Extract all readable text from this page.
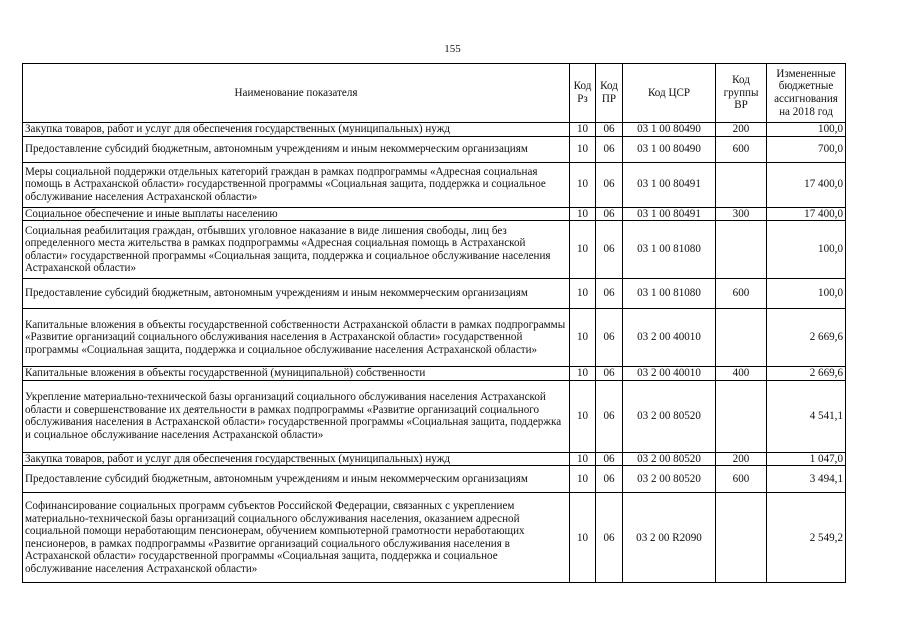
155
Наименование показателя	Код Рз	Код ПР	Код ЦСР	Код группы ВР	Измененные бюджетные ассигнования на 2018 год
Закупка товаров, работ и услуг для обеспечения государственных (муниципальных) нужд	10	06	03 1 00 80490	200	100,0
Предоставление субсидий бюджетным, автономным учреждениям и иным некоммерческим организациям	10	06	03 1 00 80490	600	700,0
Меры социальной поддержки отдельных категорий граждан в рамках подпрограммы «Адресная социальная помощь в Астраханской области» государственной программы «Социальная защита, поддержка и социальное обслуживание населения Астраханской области»	10	06	03 1 00 80491		17 400,0
Социальное обеспечение и иные выплаты населению	10	06	03 1 00 80491	300	17 400,0
Социальная реабилитация граждан, отбывших уголовное наказание в виде лишения свободы, лиц без определенного места жительства в рамках подпрограммы «Адресная социальная помощь в Астраханской области» государственной программы «Социальная защита, поддержка и социальное обслуживание населения Астраханской области»	10	06	03 1 00 81080		100,0
Предоставление субсидий бюджетным, автономным учреждениям и иным некоммерческим организациям	10	06	03 1 00 81080	600	100,0
Капитальные вложения в объекты государственной собственности Астраханской области в рамках подпрограммы «Развитие организаций социального обслуживания населения в Астраханской области» государственной программы «Социальная защита, поддержка и социальное обслуживание населения Астраханской области»	10	06	03 2 00 40010		2 669,6
Капитальные вложения в объекты государственной (муниципальной) собственности	10	06	03 2 00 40010	400	2 669,6
Укрепление материально-технической базы организаций социального обслуживания населения Астраханской области и совершенствование их деятельности в рамках подпрограммы «Развитие организаций социального обслуживания населения в Астраханской области» государственной программы «Социальная защита, поддержка и социальное обслуживание населения Астраханской области»	10	06	03 2 00 80520		4 541,1
Закупка товаров, работ и услуг для обеспечения государственных (муниципальных) нужд	10	06	03 2 00 80520	200	1 047,0
Предоставление субсидий бюджетным, автономным учреждениям и иным некоммерческим организациям	10	06	03 2 00 80520	600	3 494,1
Софинансирование социальных программ субъектов Российской Федерации, связанных с укреплением материально-технической базы организаций социального обслуживания населения, оказанием адресной социальной помощи неработающим пенсионерам, обучением компьютерной грамотности неработающих пенсионеров, в рамках подпрограммы «Развитие организаций социального обслуживания населения в Астраханской области» государственной программы «Социальная защита, поддержка и социальное обслуживание населения Астраханской области»	10	06	03 2 00 R2090		2 549,2
